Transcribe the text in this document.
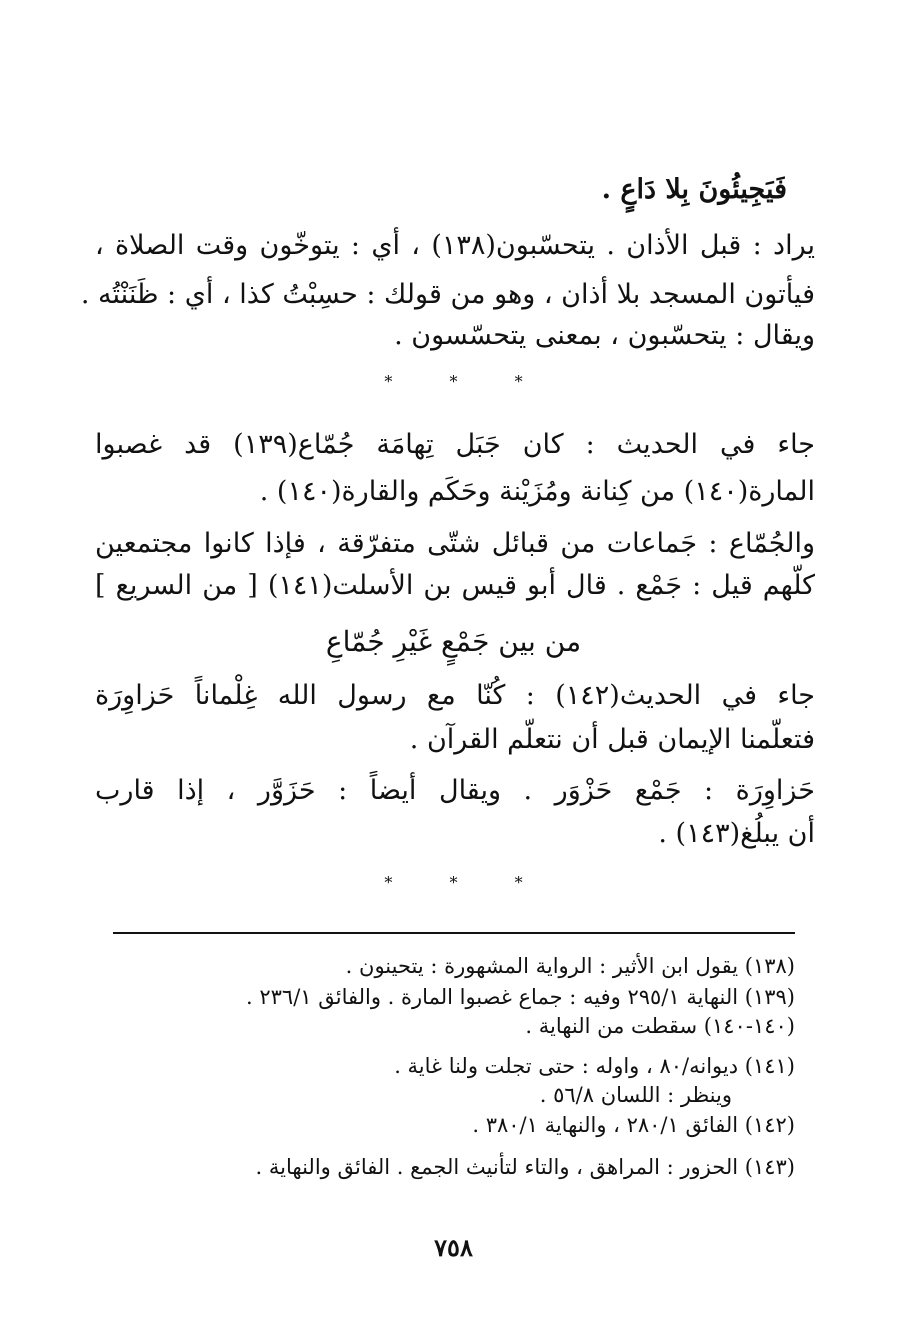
فَيَجِيئُونَ بِلا دَاعٍ .
يراد : قبل الأذان . يتحسّبون(١٣٨) ، أي : يتوخّون وقت الصلاة ،
فيأتون المسجد بلا أذان ، وهو من قولك : حسِبْتُ كذا ، أي : ظَنَنْتُه .
ويقال : يتحسّبون ، بمعنى يتحسّسون .
* * *
جاء في الحديث : كان جَبَل تِهامَة جُمّاع(١٣٩) قد غصبوا
المارة(١٤٠) من كِنانة ومُزَيْنة وحَكَم والقارة(١٤٠) .
والجُمّاع : جَماعات من قبائل شتّى متفرّقة ، فإذا كانوا مجتمعين
كلّهم قيل : جَمْع . قال أبو قيس بن الأسلت(١٤١) [ من السريع ]
من بين جَمْعٍ غَيْرِ جُمّاعِ
جاء في الحديث(١٤٢) : كُنّا مع رسول الله غِلْماناً حَزاوِرَة
فتعلّمنا الإيمان قبل أن نتعلّم القرآن .
حَزاوِرَة : جَمْع حَزْوَر . ويقال أيضاً : حَزَوَّر ، إذا قارب
أن يبلُغ(١٤٣) .
* * *
(١٣٨) يقول ابن الأثير : الرواية المشهورة : يتحينون .
(١٣٩) النهاية ٢٩٥/١ وفيه : جماع غصبوا المارة . والفائق ٢٣٦/١ .
(١٤٠-١٤٠) سقطت من النهاية .
(١٤١) ديوانه/٨٠ ، واوله : حتى تجلت ولنا غاية .
وينظر : اللسان ٥٦/٨ .
(١٤٢) الفائق ٢٨٠/١ ، والنهاية ٣٨٠/١ .
(١٤٣) الحزور : المراهق ، والتاء لتأنيث الجمع . الفائق والنهاية .
٧٥٨
